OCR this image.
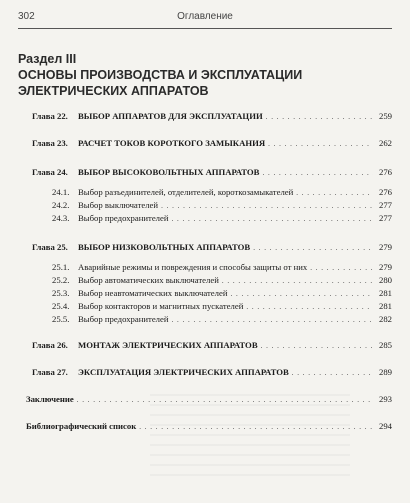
302	Оглавление
Раздел III
ОСНОВЫ ПРОИЗВОДСТВА И ЭКСПЛУАТАЦИИ
ЭЛЕКТРИЧЕСКИХ АППАРАТОВ
Глава 22.	ВЫБОР АППАРАТОВ ДЛЯ ЭКСПЛУАТАЦИИ . . .	259
Глава 23.	РАСЧЕТ ТОКОВ КОРОТКОГО ЗАМЫКАНИЯ . . .	262
Глава 24.	ВЫБОР ВЫСОКОВОЛЬТНЫХ АППАРАТОВ . . .	276
24.1. Выбор разъединителей, отделителей, короткозамыкателей . . .	276
24.2. Выбор выключателей . . .	277
24.3. Выбор предохранителей . . .	277
Глава 25.	ВЫБОР НИЗКОВОЛЬТНЫХ АППАРАТОВ . . .	279
25.1. Аварийные режимы и повреждения и способы защиты от них . . .	279
25.2. Выбор автоматических выключателей . . .	280
25.3. Выбор неавтоматических выключателей . . .	281
25.4. Выбор контакторов и магнитных пускателей . . .	281
25.5. Выбор предохранителей . . .	282
Глава 26.	МОНТАЖ ЭЛЕКТРИЧЕСКИХ АППАРАТОВ . . .	285
Глава 27.	ЭКСПЛУАТАЦИЯ ЭЛЕКТРИЧЕСКИХ АППАРАТОВ . . .	289
Заключение . . .	293
Библиографический список . . .	294
